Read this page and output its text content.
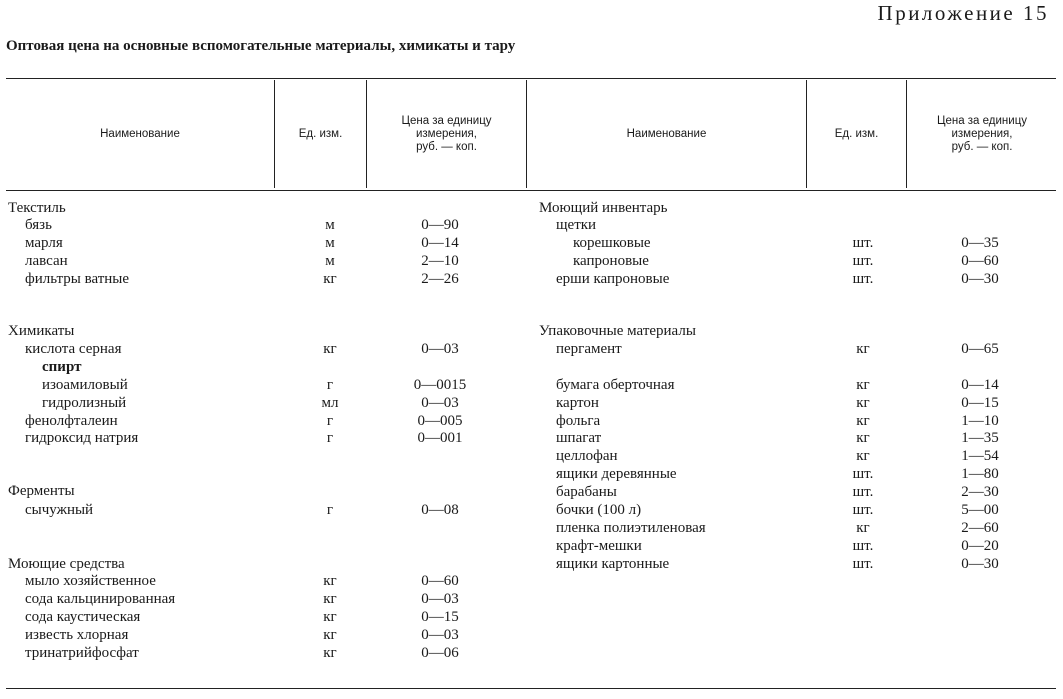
Приложение 15
Оптовая цена на основные вспомогательные материалы, химикаты и тару
Наименование	Ед. изм.
Цена за единицу
измерения,
руб. — коп.
Наименование	Ед. изм.
Цена за единицу
измерения,
руб. — коп.
Текстиль
бязь	м	0—90
марля	м	0—14
лавсан	м	2—10
фильтры ватные	кг	2—26
Химикаты
кислота серная	кг	0—03
спирт
изоамиловый	г	0—0015
гидролизный	мл	0—03
фенолфталеин	г	0—005
гидроксид натрия	г	0—001
Ферменты
сычужный	г	0—08
Моющие средства
мыло хозяйственное	кг	0—60
сода кальцинированная	кг	0—03
сода каустическая	кг	0—15
известь хлорная	кг	0—03
тринатрийфосфат	кг	0—06
Моющий инвентарь
щетки
корешковые	шт.	0—35
капроновые	шт.	0—60
ерши капроновые	шт.	0—30
Упаковочные материалы
пергамент	кг	0—65
бумага оберточная	кг	0—14
картон	кг	0—15
фольга	кг	1—10
шпагат	кг	1—35
целлофан	кг	1—54
ящики деревянные	шт.	1—80
барабаны	шт.	2—30
бочки (100 л)	шт.	5—00
пленка полиэтиленовая	кг	2—60
крафт-мешки	шт.	0—20
ящики картонные	шт.	0—30
